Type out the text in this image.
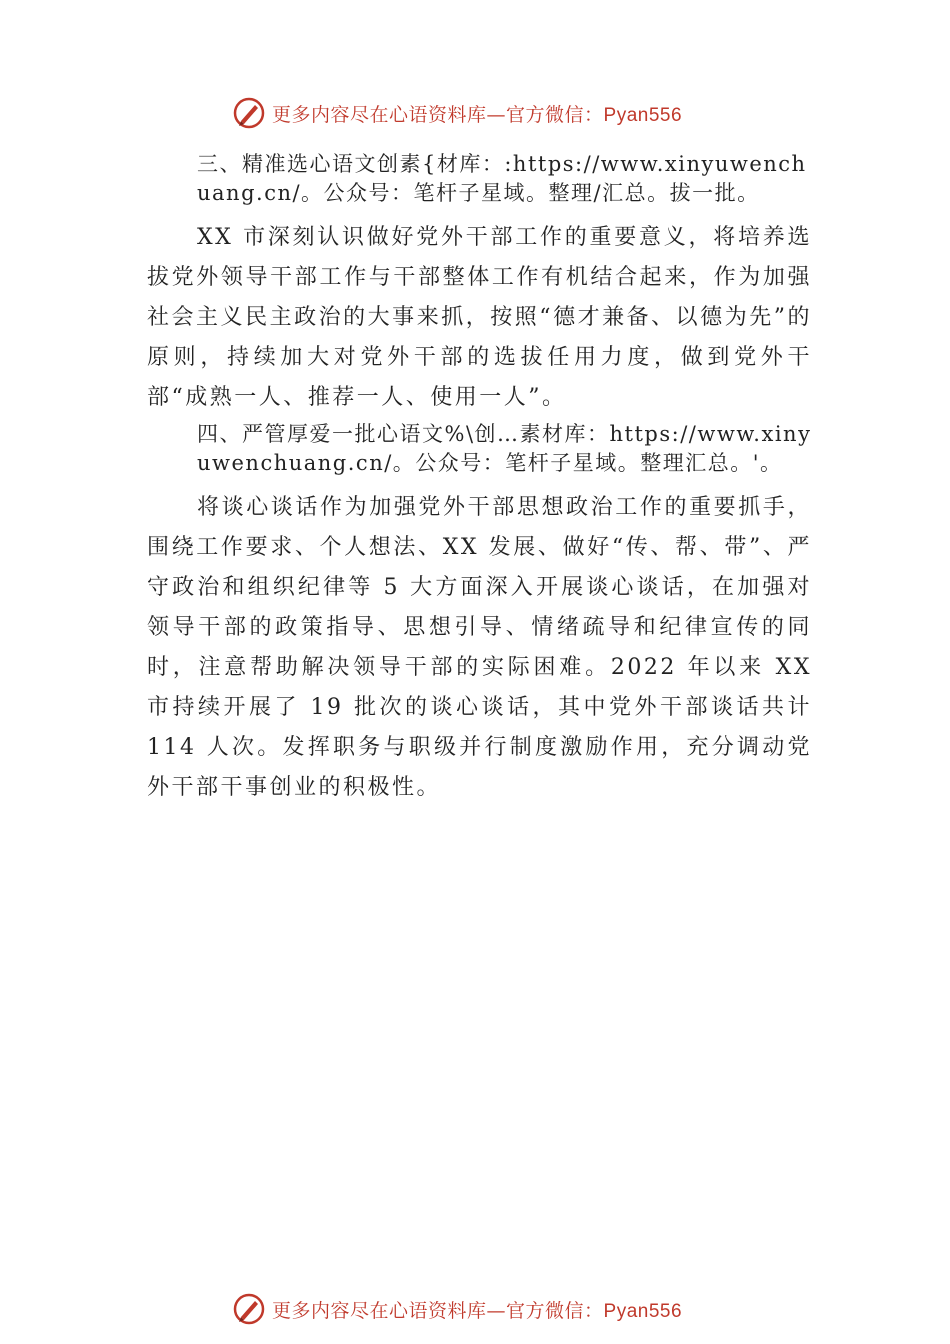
更多内容尽在心语资料库—官方微信：Pyan556

三、精准选心语文创素{材库：:https://www.xinyuwenchuang.cn/。公众号：笔杆子星域。整理/汇总。拔一批。

XX 市深刻认识做好党外干部工作的重要意义，将培养选拔党外领导干部工作与干部整体工作有机结合起来，作为加强社会主义民主政治的大事来抓，按照“德才兼备、以德为先”的原则，持续加大对党外干部的选拔任用力度，做到党外干部“成熟一人、推荐一人、使用一人”。

四、严管厚爱一批心语文%\创…素材库：https://www.xinyuwenchuang.cn/。公众号：笔杆子星域。整理汇总。'。

将谈心谈话作为加强党外干部思想政治工作的重要抓手，围绕工作要求、个人想法、XX 发展、做好“传、帮、带”、严守政治和组织纪律等 5 大方面深入开展谈心谈话，在加强对领导干部的政策指导、思想引导、情绪疏导和纪律宣传的同时，注意帮助解决领导干部的实际困难。2022 年以来 XX 市持续开展了 19 批次的谈心谈话，其中党外干部谈话共计 114 人次。发挥职务与职级并行制度激励作用，充分调动党外干部干事创业的积极性。

更多内容尽在心语资料库—官方微信：Pyan556
